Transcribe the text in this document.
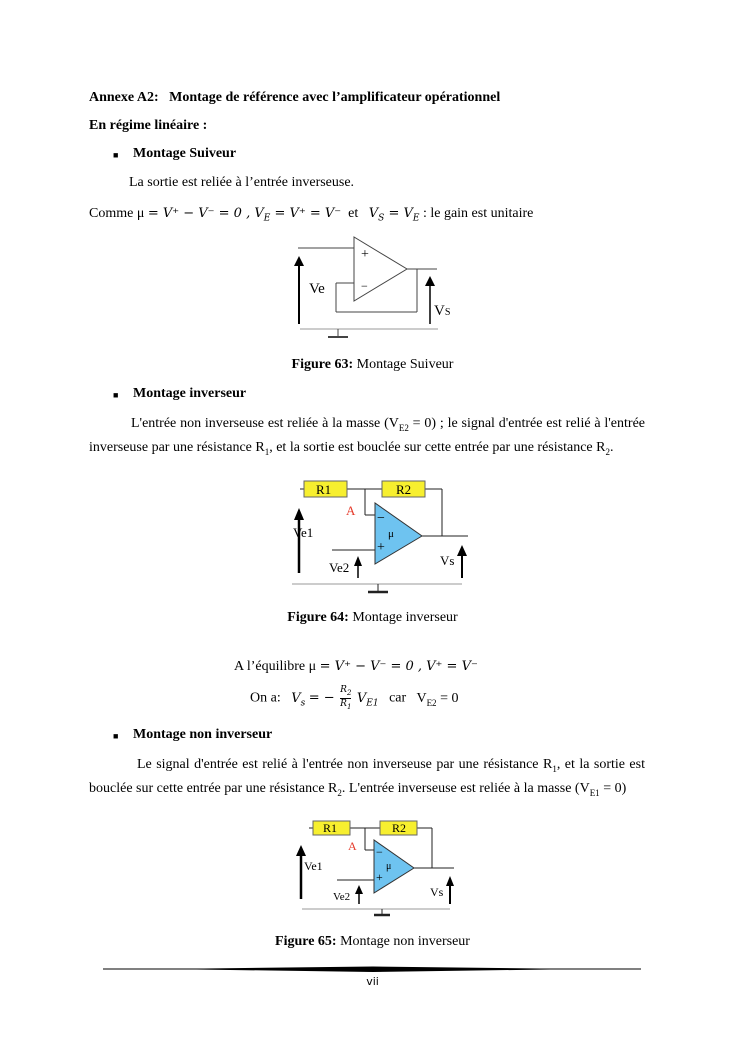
Annexe A2: Montage de référence avec l’amplificateur opérationnel
En régime linéaire :
■ Montage Suiveur
La sortie est reliée à l’entrée inverseuse.
Comme μ = V⁺ − V⁻ = 0 , $V_E = V^+ = V^-$ et $V_S = V_E$ : le gain est unitaire
+
−
Ve
VS
Figure 63: Montage Suiveur
■ Montage inverseur
L'entrée non inverseuse est reliée à la masse $(V_{E2} = 0)$ ; le signal d'entrée est relié à l'entrée inverseuse par une résistance $R_1$, et la sortie est bouclée sur cette entrée par une résistance $R_2$.
R1	R2
A
−
+
μ
Ve1
Ve2	Vs
Figure 64: Montage inverseur
A l’équilibre μ = V⁺ − V⁻ = 0 , V⁺ = V⁻
On a: $V_s$ = − $\frac{R_2}{R_1} V_{E1}$ car $V_{E2} = 0$
■ Montage non inverseur
Le signal d'entrée est relié à l'entrée non inverseuse par une résistance $R_1$, et la sortie est bouclée sur cette entrée par une résistance $R_2$. L'entrée inverseuse est reliée à la masse $(V_{E1} = 0)$
R1	R2
A −
+
μ
Ve1
Ve2	Vs
Figure 65: Montage non inverseur
vii
